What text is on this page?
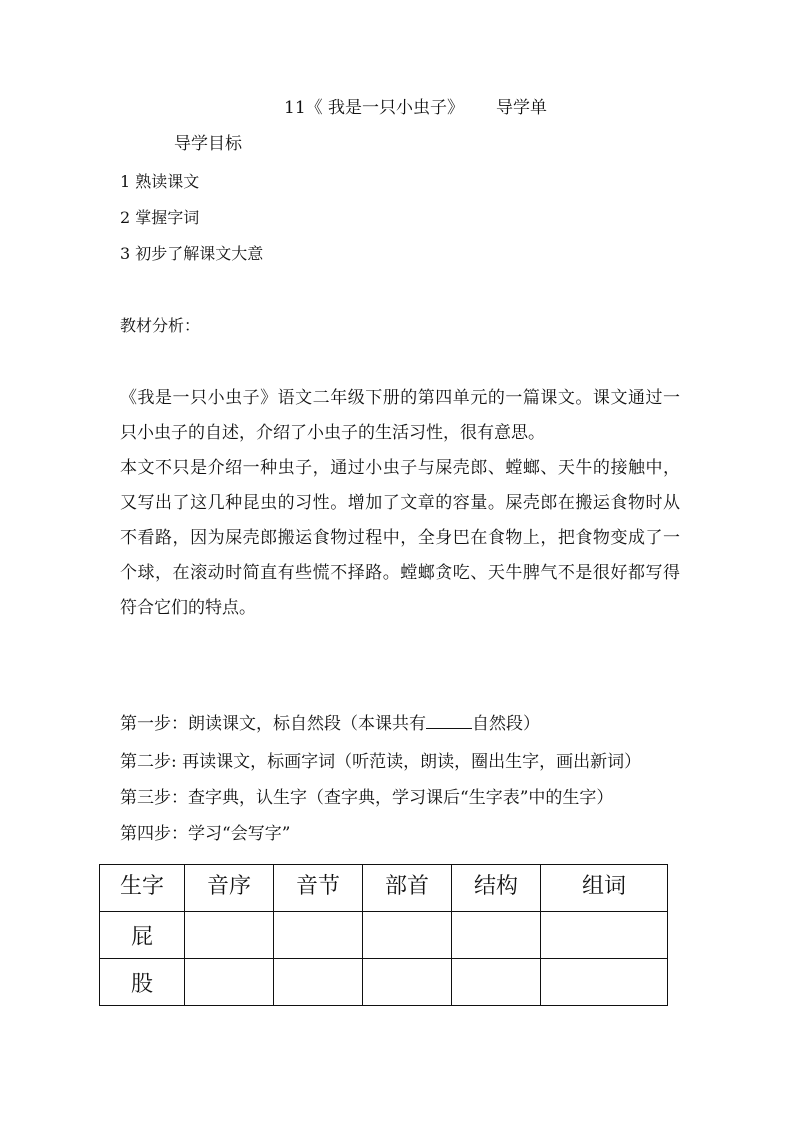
11《 我是一只小虫子》 导学单
导学目标
1 熟读课文
2 掌握字词
3 初步了解课文大意
教材分析：

《我是一只小虫子》语文二年级下册的第四单元的一篇课文。课文通过一只小虫子的自述，介绍了小虫子的生活习性，很有意思。

本文不只是介绍一种虫子，通过小虫子与屎壳郎、螳螂、天牛的接触中，又写出了这几种昆虫的习性。增加了文章的容量。屎壳郎在搬运食物时从不看路，因为屎壳郎搬运食物过程中，全身巴在食物上，把食物变成了一个球，在滚动时简直有些慌不择路。螳螂贪吃、天牛脾气不是很好都写得符合它们的特点。

第一步：朗读课文，标自然段（本课共有	自然段）
第二步: 再读课文，标画字词（听范读，朗读，圈出生字，画出新词）
第三步：查字典，认生字（查字典，学习课后“生字表”中的生字）
第四步：学习“会写字”
生字	音序	音节	部首	结构	组词
屁					
股					
